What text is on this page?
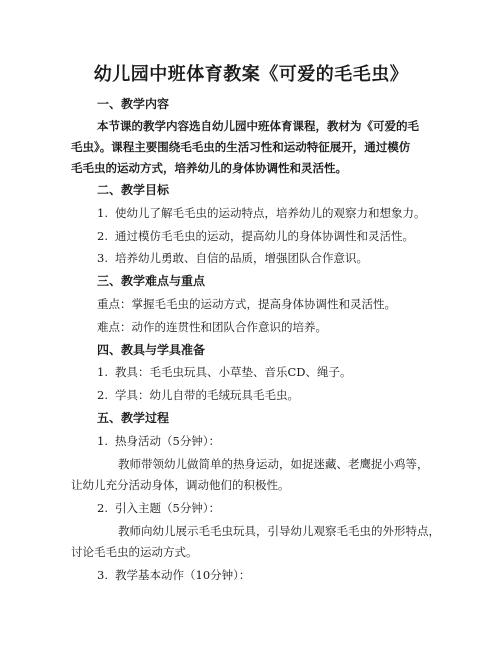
幼儿园中班体育教案《可爱的毛毛虫》
一、教学内容
本节课的教学内容选自幼儿园中班体育课程，教材为《可爱的毛
毛虫》。课程主要围绕毛毛虫的生活习性和运动特征展开，通过模仿
毛毛虫的运动方式，培养幼儿的身体协调性和灵活性。
二、教学目标
1. 使幼儿了解毛毛虫的运动特点，培养幼儿的观察力和想象力。
2. 通过模仿毛毛虫的运动，提高幼儿的身体协调性和灵活性。
3. 培养幼儿勇敢、自信的品质，增强团队合作意识。
三、教学难点与重点
重点：掌握毛毛虫的运动方式，提高身体协调性和灵活性。
难点：动作的连贯性和团队合作意识的培养。
四、教具与学具准备
1. 教具：毛毛虫玩具、小草垫、音乐CD、绳子。
2. 学具：幼儿自带的毛绒玩具毛毛虫。
五、教学过程
1. 热身活动（5分钟）：
教师带领幼儿做简单的热身运动，如捉迷藏、老鹰捉小鸡等，
让幼儿充分活动身体，调动他们的积极性。
2. 引入主题（5分钟）：
教师向幼儿展示毛毛虫玩具，引导幼儿观察毛毛虫的外形特点，
讨论毛毛虫的运动方式。
3. 教学基本动作（10分钟）：
